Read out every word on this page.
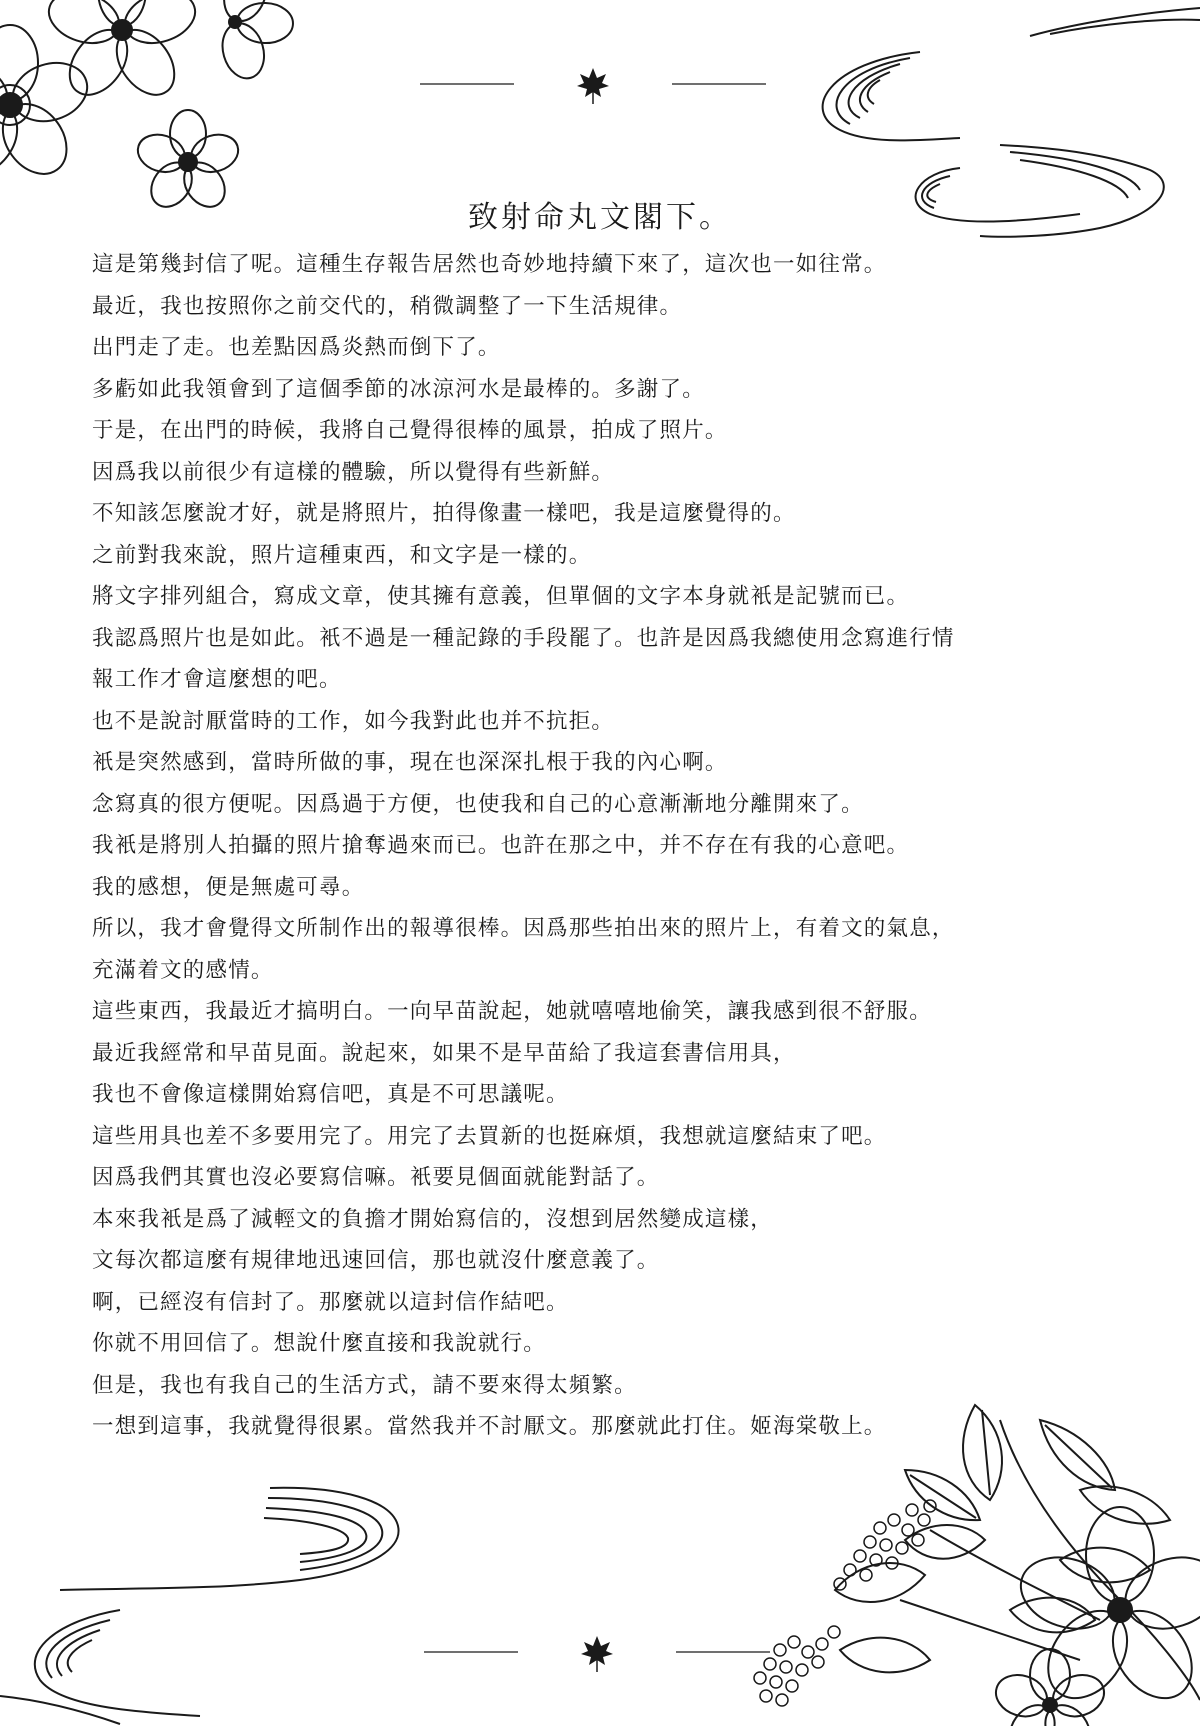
致射命丸文閣下。
這是第幾封信了呢。這種生存報告居然也奇妙地持續下來了，這次也一如往常。
最近，我也按照你之前交代的，稍微調整了一下生活規律。
出門走了走。也差點因爲炎熱而倒下了。
多虧如此我領會到了這個季節的冰涼河水是最棒的。多謝了。
于是，在出門的時候，我將自己覺得很棒的風景，拍成了照片。
因爲我以前很少有這樣的體驗，所以覺得有些新鮮。
不知該怎麼說才好，就是將照片，拍得像畫一樣吧，我是這麼覺得的。
之前對我來說，照片這種東西，和文字是一樣的。
將文字排列組合，寫成文章，使其擁有意義，但單個的文字本身就衹是記號而已。
我認爲照片也是如此。衹不過是一種記錄的手段罷了。也許是因爲我總使用念寫進行情
報工作才會這麼想的吧。
也不是說討厭當時的工作，如今我對此也并不抗拒。
衹是突然感到，當時所做的事，現在也深深扎根于我的內心啊。
念寫真的很方便呢。因爲過于方便，也使我和自己的心意漸漸地分離開來了。
我衹是將別人拍攝的照片搶奪過來而已。也許在那之中，并不存在有我的心意吧。
我的感想，便是無處可尋。
所以，我才會覺得文所制作出的報導很棒。因爲那些拍出來的照片上，有着文的氣息，
充滿着文的感情。
這些東西，我最近才搞明白。一向早苗說起，她就嘻嘻地偷笑，讓我感到很不舒服。
最近我經常和早苗見面。說起來，如果不是早苗給了我這套書信用具，
我也不會像這樣開始寫信吧，真是不可思議呢。
這些用具也差不多要用完了。用完了去買新的也挺麻煩，我想就這麼結束了吧。
因爲我們其實也沒必要寫信嘛。衹要見個面就能對話了。
本來我衹是爲了減輕文的負擔才開始寫信的，沒想到居然變成這樣，
文每次都這麼有規律地迅速回信，那也就沒什麼意義了。
啊，已經沒有信封了。那麼就以這封信作結吧。
你就不用回信了。想說什麼直接和我說就行。
但是，我也有我自己的生活方式，請不要來得太頻繁。
一想到這事，我就覺得很累。當然我并不討厭文。那麼就此打住。姬海棠敬上。
